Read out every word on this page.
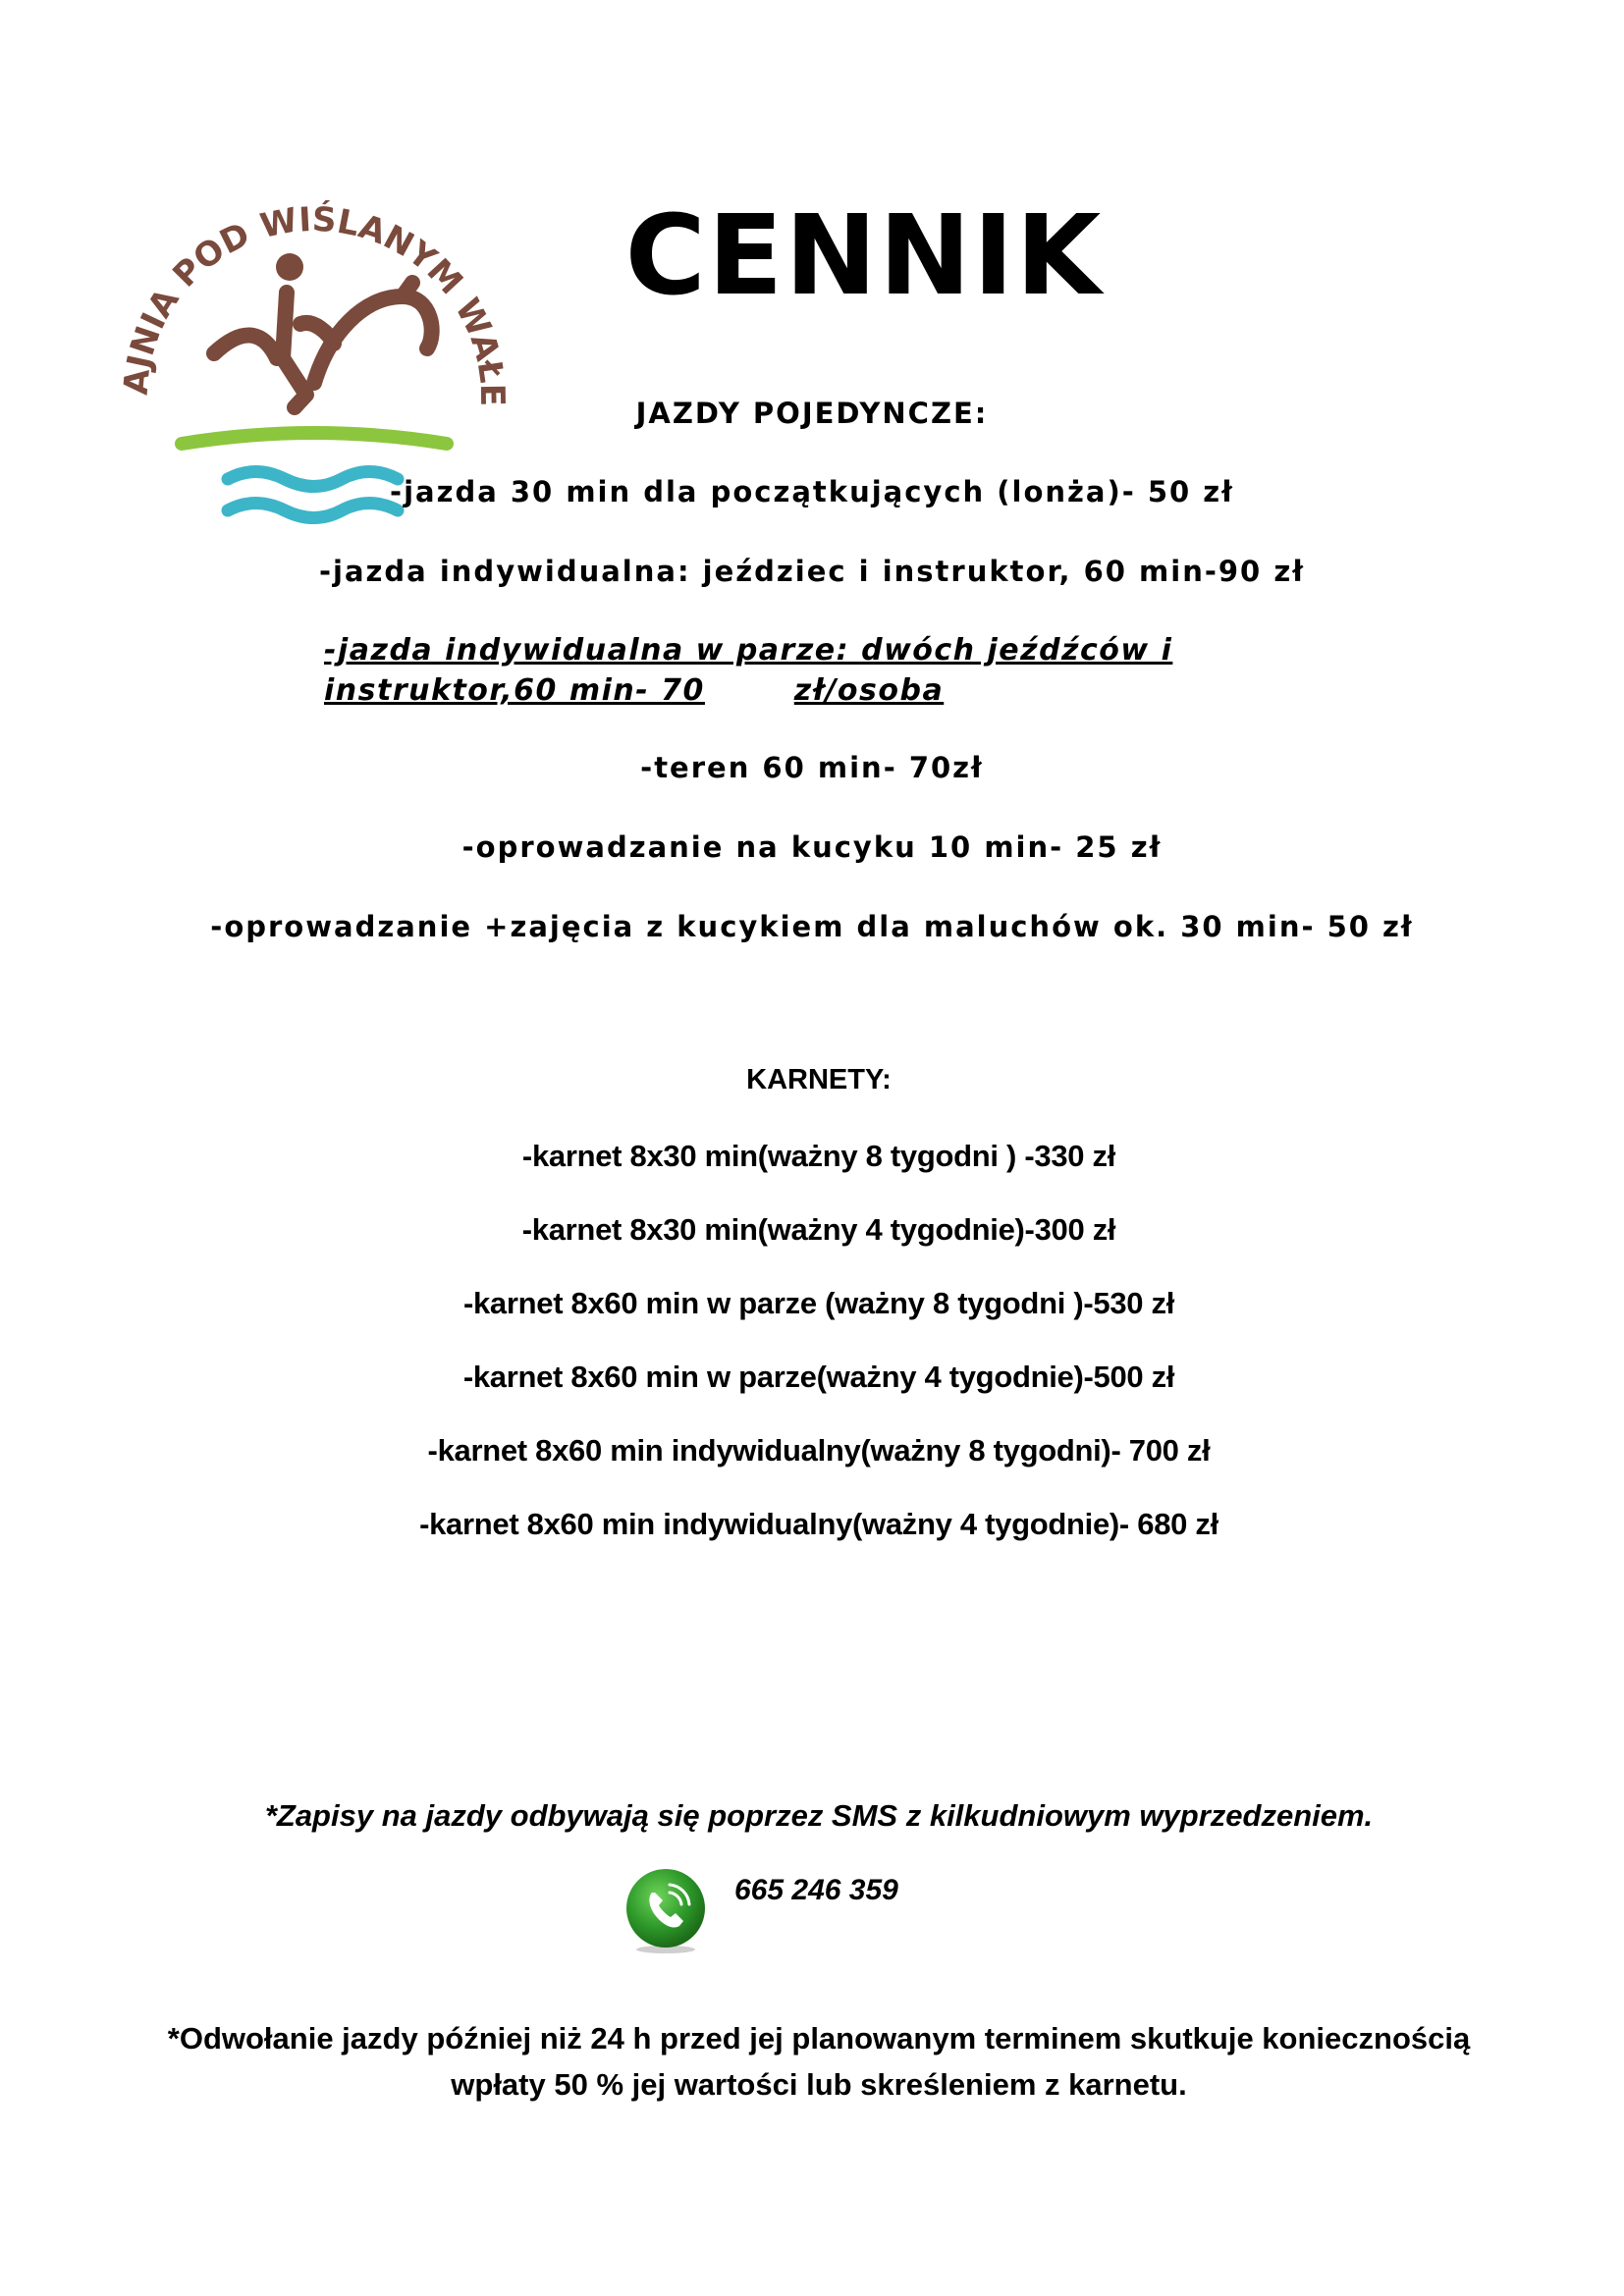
AJNIA POD WIŚLANYM WAŁE
CENNIK
JAZDY POJEDYNCZE:
-jazda 30 min dla początkujących (lonża)- 50 zł
-jazda indywidualna: jeździec i instruktor, 60 min-90 zł
-jazda indywidualna w parze: dwóch jeźdźców i instruktor,60 min- 70	zł/osoba
-teren 60 min- 70zł
-oprowadzanie na kucyku 10 min- 25 zł
-oprowadzanie +zajęcia z kucykiem dla maluchów ok. 30 min- 50 zł
KARNETY:
-karnet 8x30 min(ważny 8 tygodni ) -330 zł
-karnet 8x30 min(ważny 4 tygodnie)-300 zł
-karnet 8x60 min w parze (ważny 8 tygodni )-530 zł
-karnet 8x60 min w parze(ważny 4 tygodnie)-500 zł
-karnet 8x60 min indywidualny(ważny 8 tygodni)- 700 zł
-karnet 8x60 min indywidualny(ważny 4 tygodnie)- 680 zł
*Zapisy na jazdy odbywają się poprzez SMS z kilkudniowym wyprzedzeniem.
665 246 359
*Odwołanie jazdy później niż 24 h przed jej planowanym terminem skutkuje koniecznością
wpłaty 50 % jej wartości lub skreśleniem z karnetu.
